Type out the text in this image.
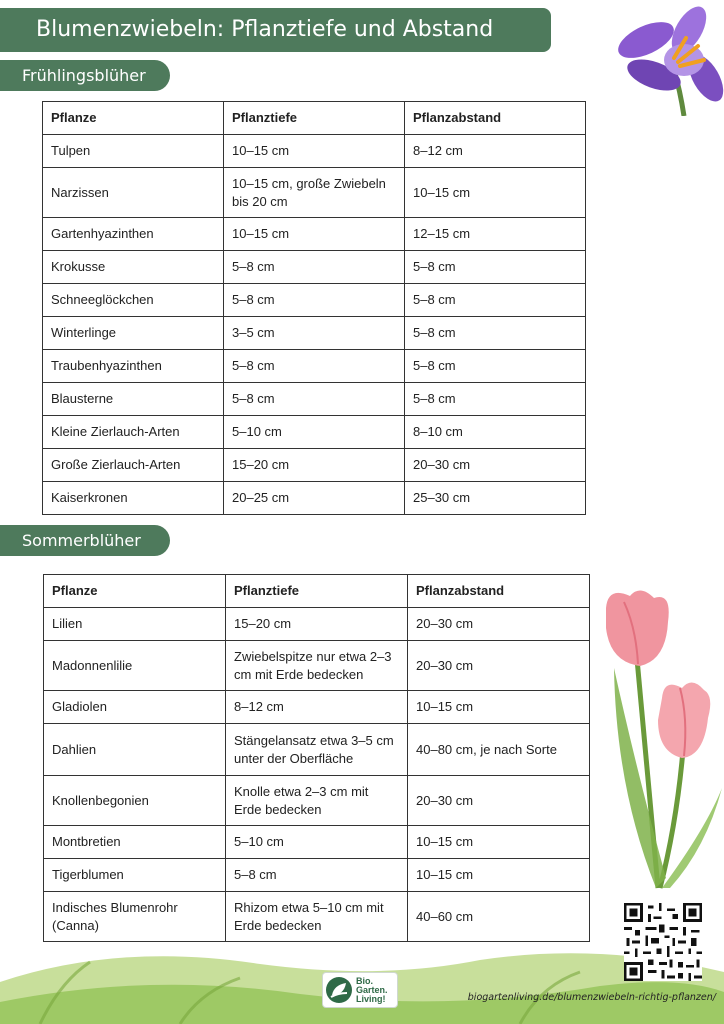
Blumenzwiebeln: Pflanztiefe und Abstand
Frühlingsblüher
Pflanze	Pflanztiefe	Pflanzabstand
Tulpen	10–15 cm	8–12 cm
Narzissen	10–15 cm, große Zwiebeln bis 20 cm	10–15 cm
Gartenhyazinthen	10–15 cm	12–15 cm
Krokusse	5–8 cm	5–8 cm
Schneeglöckchen	5–8 cm	5–8 cm
Winterlinge	3–5 cm	5–8 cm
Traubenhyazinthen	5–8 cm	5–8 cm
Blausterne	5–8 cm	5–8 cm
Kleine Zierlauch-Arten	5–10 cm	8–10 cm
Große Zierlauch-Arten	15–20 cm	20–30 cm
Kaiserkronen	20–25 cm	25–30 cm
Sommerblüher
Pflanze	Pflanztiefe	Pflanzabstand
Lilien	15–20 cm	20–30 cm
Madonnenlilie	Zwiebelspitze nur etwa 2–3 cm mit Erde bedecken	20–30 cm
Gladiolen	8–12 cm	10–15 cm
Dahlien	Stängelansatz etwa 3–5 cm unter der Oberfläche	40–80 cm, je nach Sorte
Knollenbegonien	Knolle etwa 2–3 cm mit Erde bedecken	20–30 cm
Montbretien	5–10 cm	10–15 cm
Tigerblumen	5–8 cm	10–15 cm
Indisches Blumenrohr (Canna)	Rhizom etwa 5–10 cm mit Erde bedecken	40–60 cm
Bio.
Garten.
Living!	biogartenliving.de/blumenzwiebeln-richtig-pflanzen/
